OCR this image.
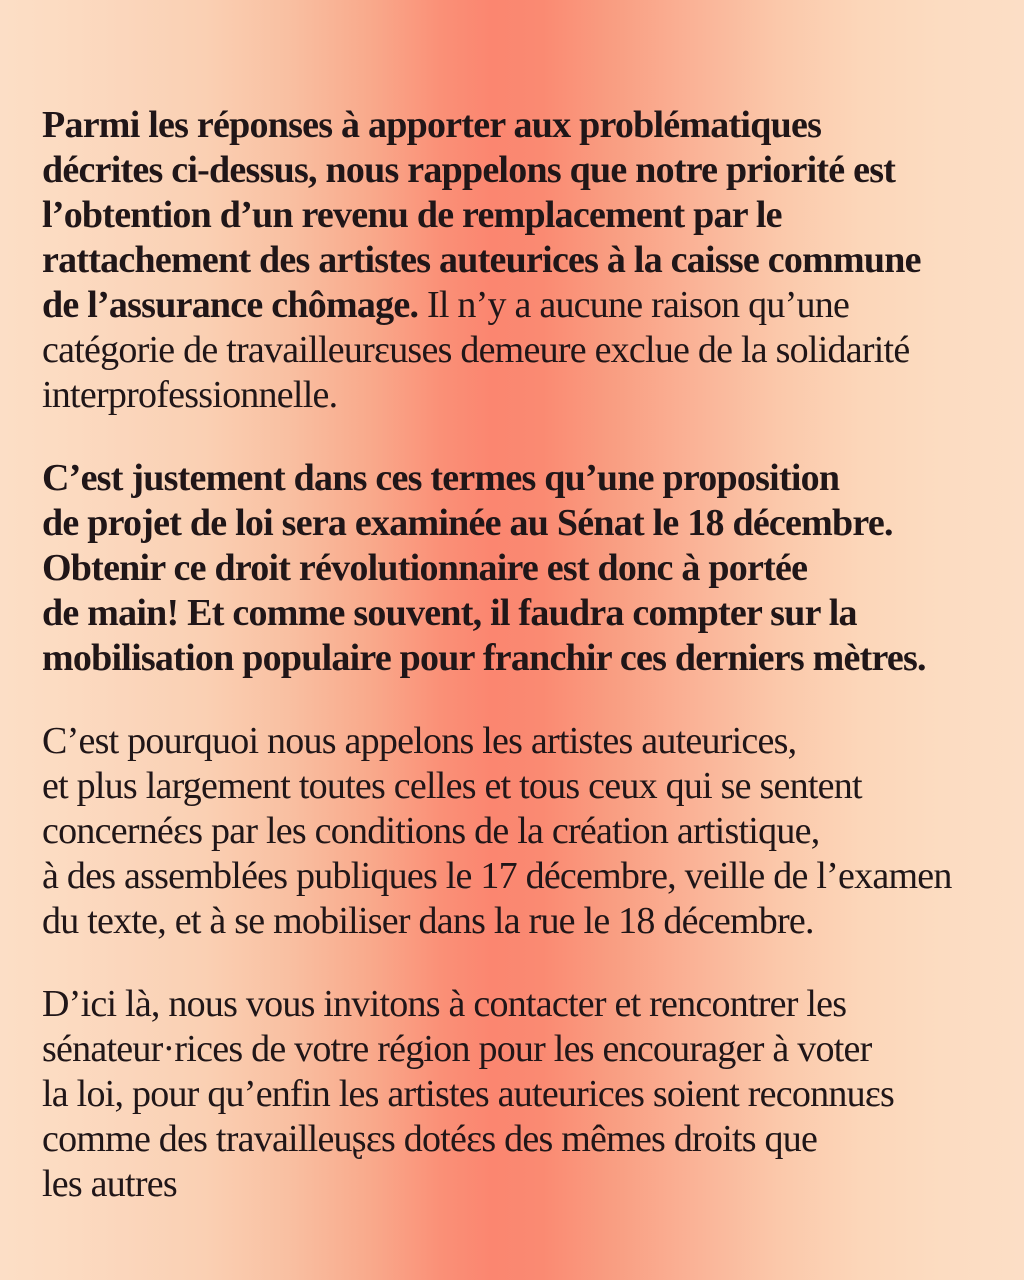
Parmi les réponses à apporter aux problématiques
décrites ci-dessus, nous rappelons que notre priorité est
l’obtention d’un revenu de remplacement par le
rattachement des artistes auteurices à la caisse commune
de l’assurance chômage. Il n’y a aucune raison qu’une
catégorie de travailleurɛuses demeure exclue de la solidarité
interprofessionnelle.

C’est justement dans ces termes qu’une proposition
de projet de loi sera examinée au Sénat le 18 décembre.
Obtenir ce droit révolutionnaire est donc à portée
de main! Et comme souvent, il faudra compter sur la
mobilisation populaire pour franchir ces derniers mètres.

C’est pourquoi nous appelons les artistes auteurices,
et plus largement toutes celles et tous ceux qui se sentent
concernéɛs par les conditions de la création artistique,
à des assemblées publiques le 17 décembre, veille de l’examen
du texte, et à se mobiliser dans la rue le 18 décembre.

D’ici là, nous vous invitons à contacter et rencontrer les
sénateur·rices de votre région pour les encourager à voter
la loi, pour qu’enfin les artistes auteurices soient reconnuɛs
comme des travailleuʂɛs dotéɛs des mêmes droits que
les autres
